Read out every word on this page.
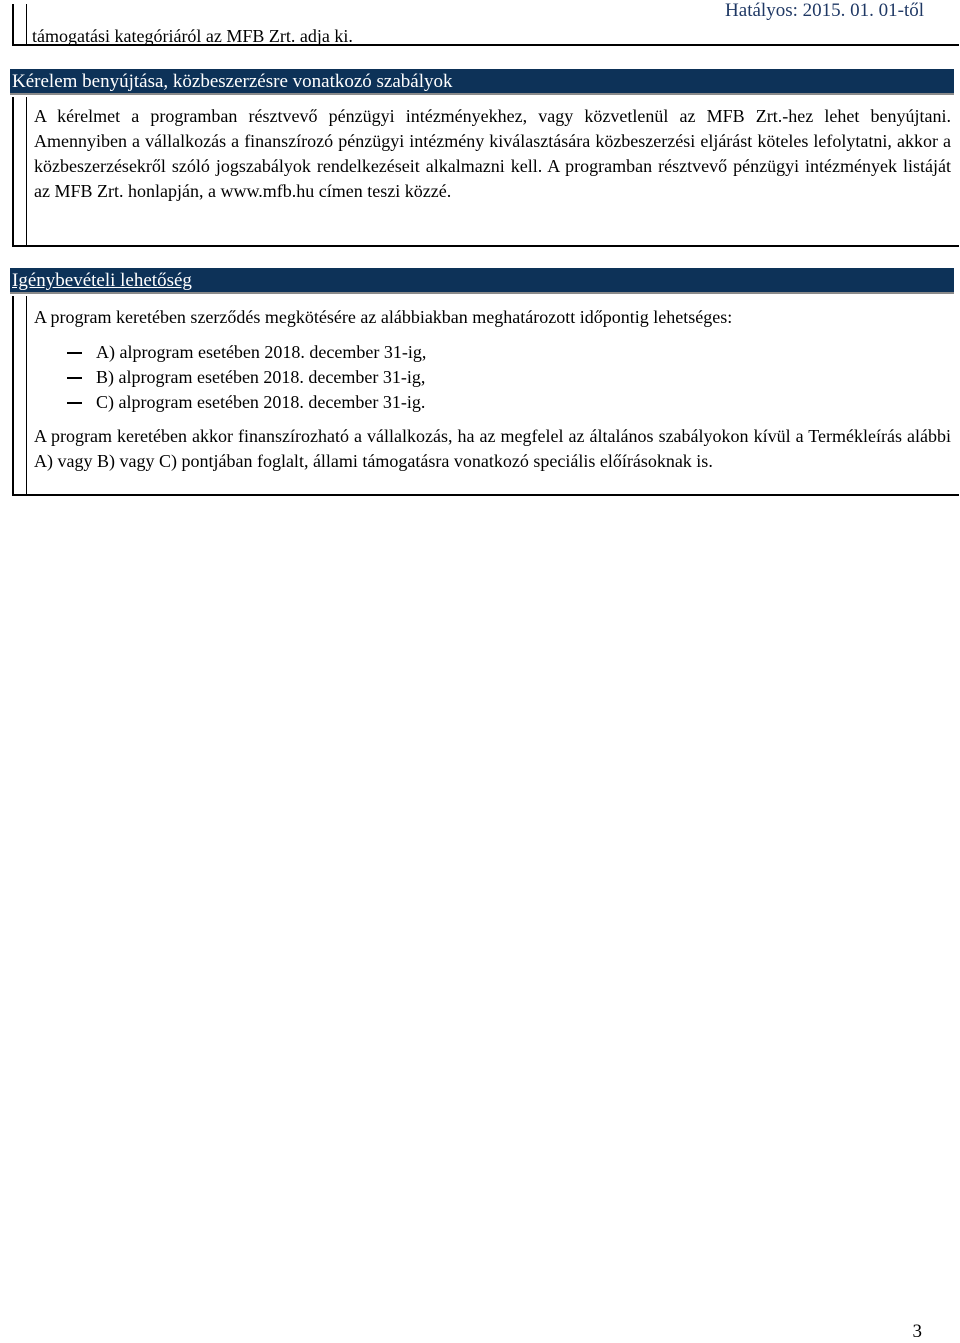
Hatályos: 2015. 01. 01-től
támogatási kategóriáról az MFB Zrt. adja ki.
Kérelem benyújtása, közbeszerzésre vonatkozó szabályok

A kérelmet a programban résztvevő pénzügyi intézményekhez, vagy közvetlenül az MFB Zrt.-hez lehet benyújtani. Amennyiben a vállalkozás a finanszírozó pénzügyi intézmény kiválasztására közbeszerzési eljárást köteles lefolytatni, akkor a közbeszerzésekről szóló jogszabályok rendelkezéseit alkalmazni kell. A programban résztvevő pénzügyi intézmények listáját az MFB Zrt. honlapján, a www.mfb.hu címen teszi közzé.

Igénybevételi lehetőség

A program keretében szerződés megkötésére az alábbiakban meghatározott időpontig lehetséges:

A) alprogram esetében 2018. december 31-ig,
B) alprogram esetében 2018. december 31-ig,
C) alprogram esetében 2018. december 31-ig.

A program keretében akkor finanszírozható a vállalkozás, ha az megfelel az általános szabályokon kívül a Termékleírás alábbi A) vagy B) vagy C) pontjában foglalt, állami támogatásra vonatkozó speciális előírásoknak is.

3
